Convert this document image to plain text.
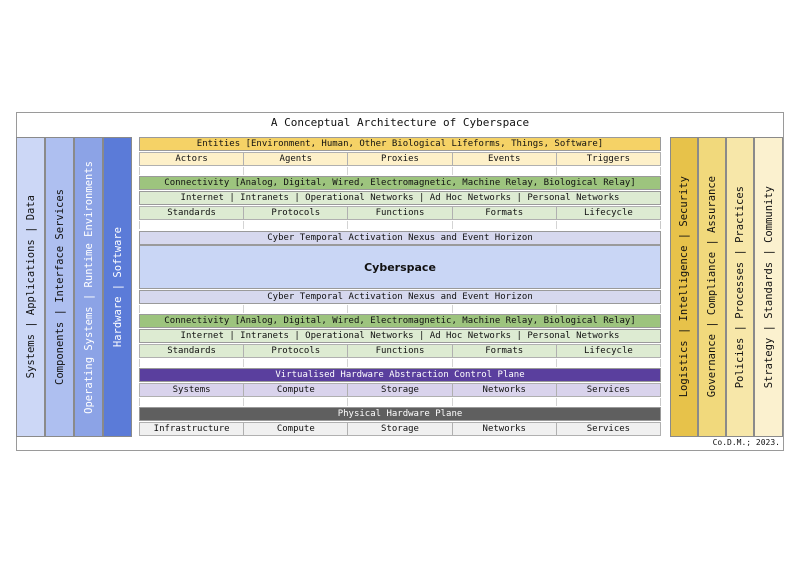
A Conceptual Architecture of Cyberspace
Systems | Applications | Data Components | Interface Services Operating Systems | Runtime Environments Hardware | Software	Logistics | Intelligence | Security Governance | Compliance | Assurance Policies | Processes | Practices Strategy | Standards | Community
Entities [Environment, Human, Other Biological Lifeforms, Things, Software]
Actors	Agents	Proxies	Events	Triggers
Connectivity [Analog, Digital, Wired, Electromagnetic, Machine Relay, Biological Relay]
Internet | Intranets | Operational Networks | Ad Hoc Networks | Personal Networks
Standards	Protocols	Functions	Formats	Lifecycle
Cyber Temporal Activation Nexus and Event Horizon
Cyberspace
Cyber Temporal Activation Nexus and Event Horizon
Connectivity [Analog, Digital, Wired, Electromagnetic, Machine Relay, Biological Relay]
Internet | Intranets | Operational Networks | Ad Hoc Networks | Personal Networks
Standards	Protocols	Functions	Formats	Lifecycle
Virtualised Hardware Abstraction Control Plane
Systems	Compute	Storage	Networks	Services
Physical Hardware Plane
Infrastructure	Compute	Storage	Networks	Services
Co.D.M.; 2023.
